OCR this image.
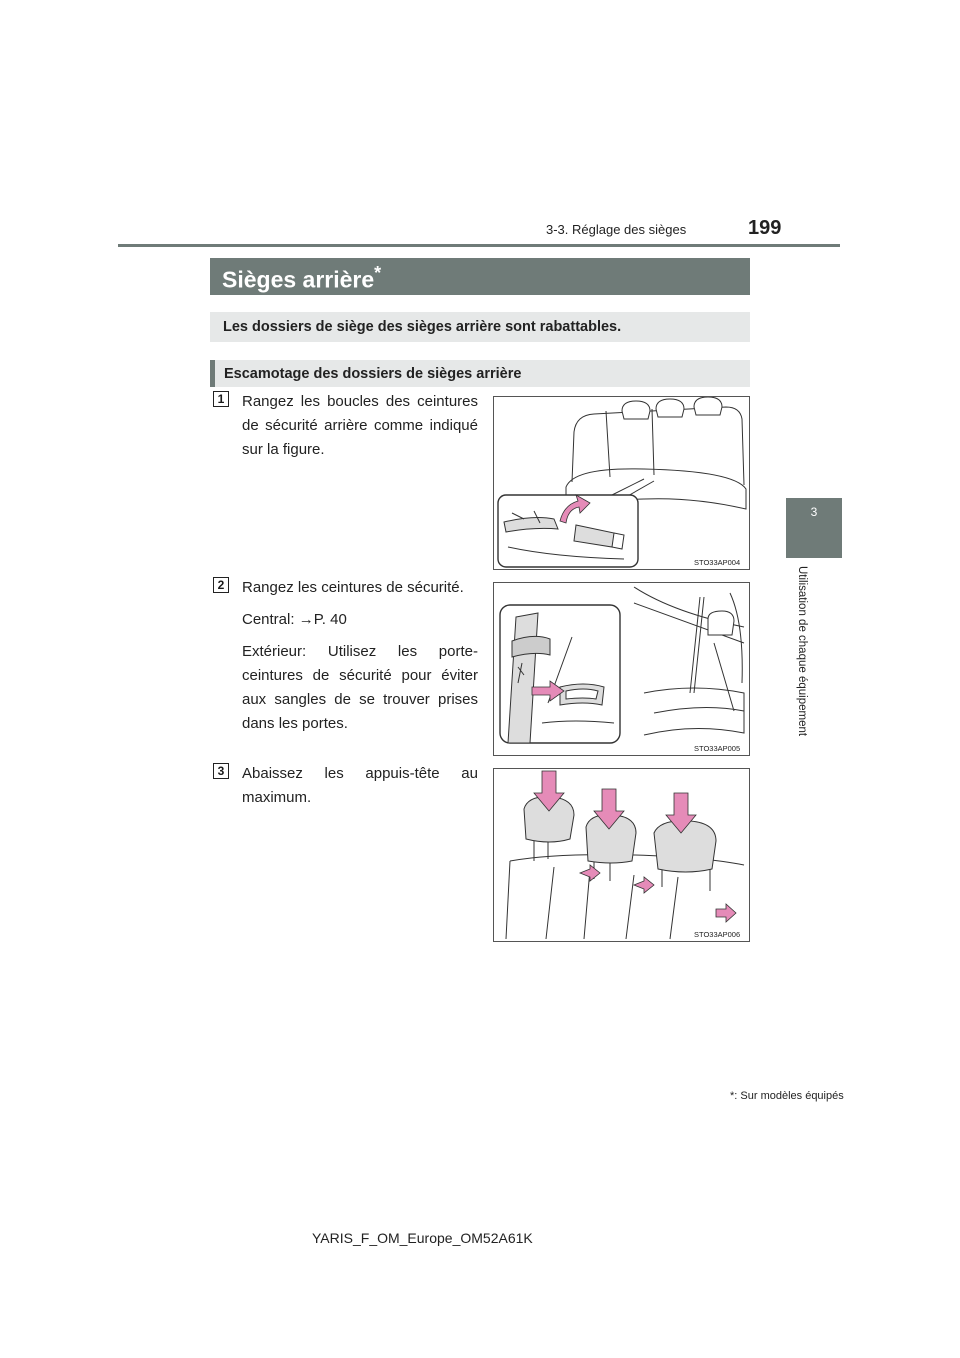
3-3. Réglage des sièges	199
3
Utilisation de chaque équipement
Sièges arrière*
Les dossiers de siège des sièges arrière sont rabattables.
Escamotage des dossiers de sièges arrière
1	Rangez les boucles des ceintures de sécurité arrière comme indiqué sur la figure.

STO33AP004
2	Rangez les ceintures de sécurité.

Central: →P. 40

Extérieur: Utilisez les porte-ceintures de sécurité pour éviter aux sangles de se trouver prises dans les portes.

STO33AP005
3	Abaissez les appuis-tête au maximum.

STO33AP006
*: Sur modèles équipés
YARIS_F_OM_Europe_OM52A61K
